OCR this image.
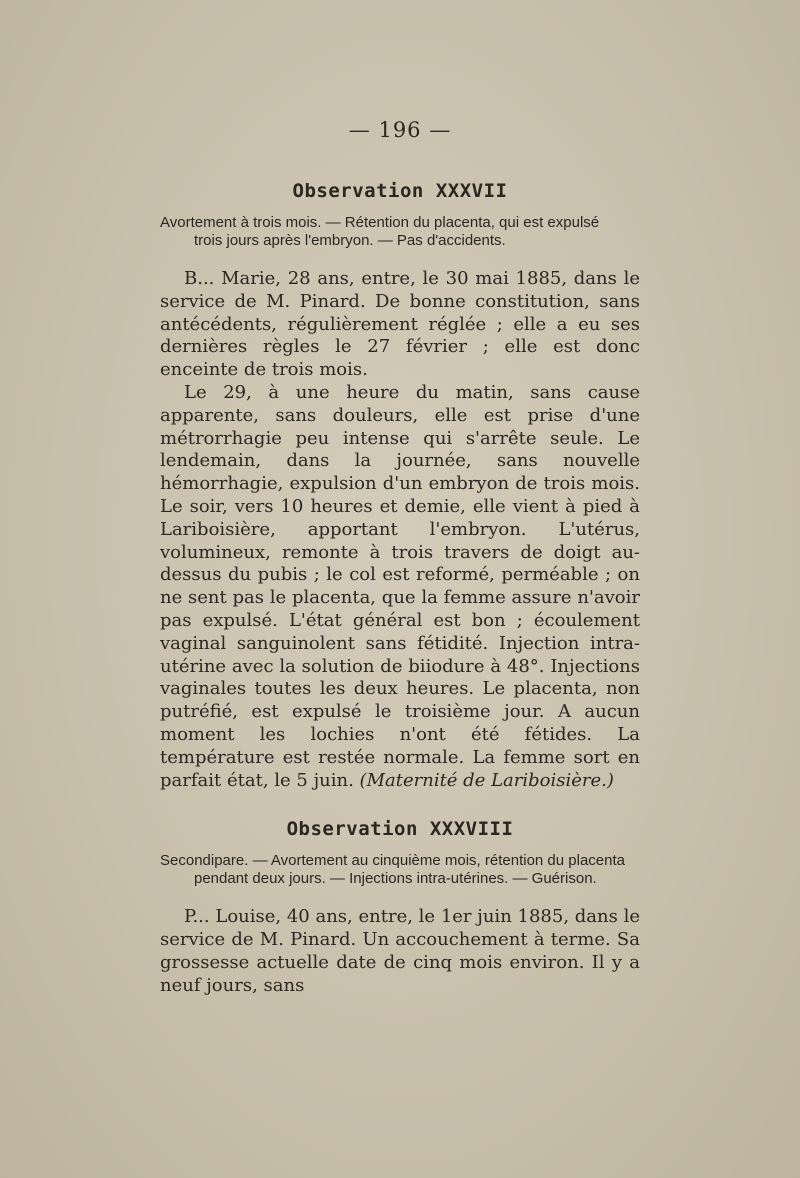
— 196 —
Observation XXXVII
Avortement à trois mois. — Rétention du placenta, qui est expulsé
trois jours après l'embryon. — Pas d'accidents.

B... Marie, 28 ans, entre, le 30 mai 1885, dans le service de M. Pinard. De bonne constitution, sans antécédents, régulièrement réglée ; elle a eu ses dernières règles le 27 février ; elle est donc enceinte de trois mois.

Le 29, à une heure du matin, sans cause apparente, sans douleurs, elle est prise d'une métrorrhagie peu intense qui s'arrête seule. Le lendemain, dans la journée, sans nouvelle hémorrhagie, expulsion d'un embryon de trois mois. Le soir, vers 10 heures et demie, elle vient à pied à Lariboisière, apportant l'embryon. L'utérus, volumineux, remonte à trois travers de doigt au-dessus du pubis ; le col est reformé, perméable ; on ne sent pas le placenta, que la femme assure n'avoir pas expulsé. L'état général est bon ; écoulement vaginal sanguinolent sans fétidité. Injection intra-utérine avec la solution de biiodure à 48°. Injections vaginales toutes les deux heures. Le placenta, non putréfié, est expulsé le troisième jour. A aucun moment les lochies n'ont été fétides. La température est restée normale. La femme sort en parfait état, le 5 juin. (Maternité de Lariboisière.)

Observation XXXVIII
Secondipare. — Avortement au cinquième mois, rétention du placenta
pendant deux jours. — Injections intra-utérines. — Guérison.

P... Louise, 40 ans, entre, le 1er juin 1885, dans le service de M. Pinard. Un accouchement à terme. Sa grossesse actuelle date de cinq mois environ. Il y a neuf jours, sans
